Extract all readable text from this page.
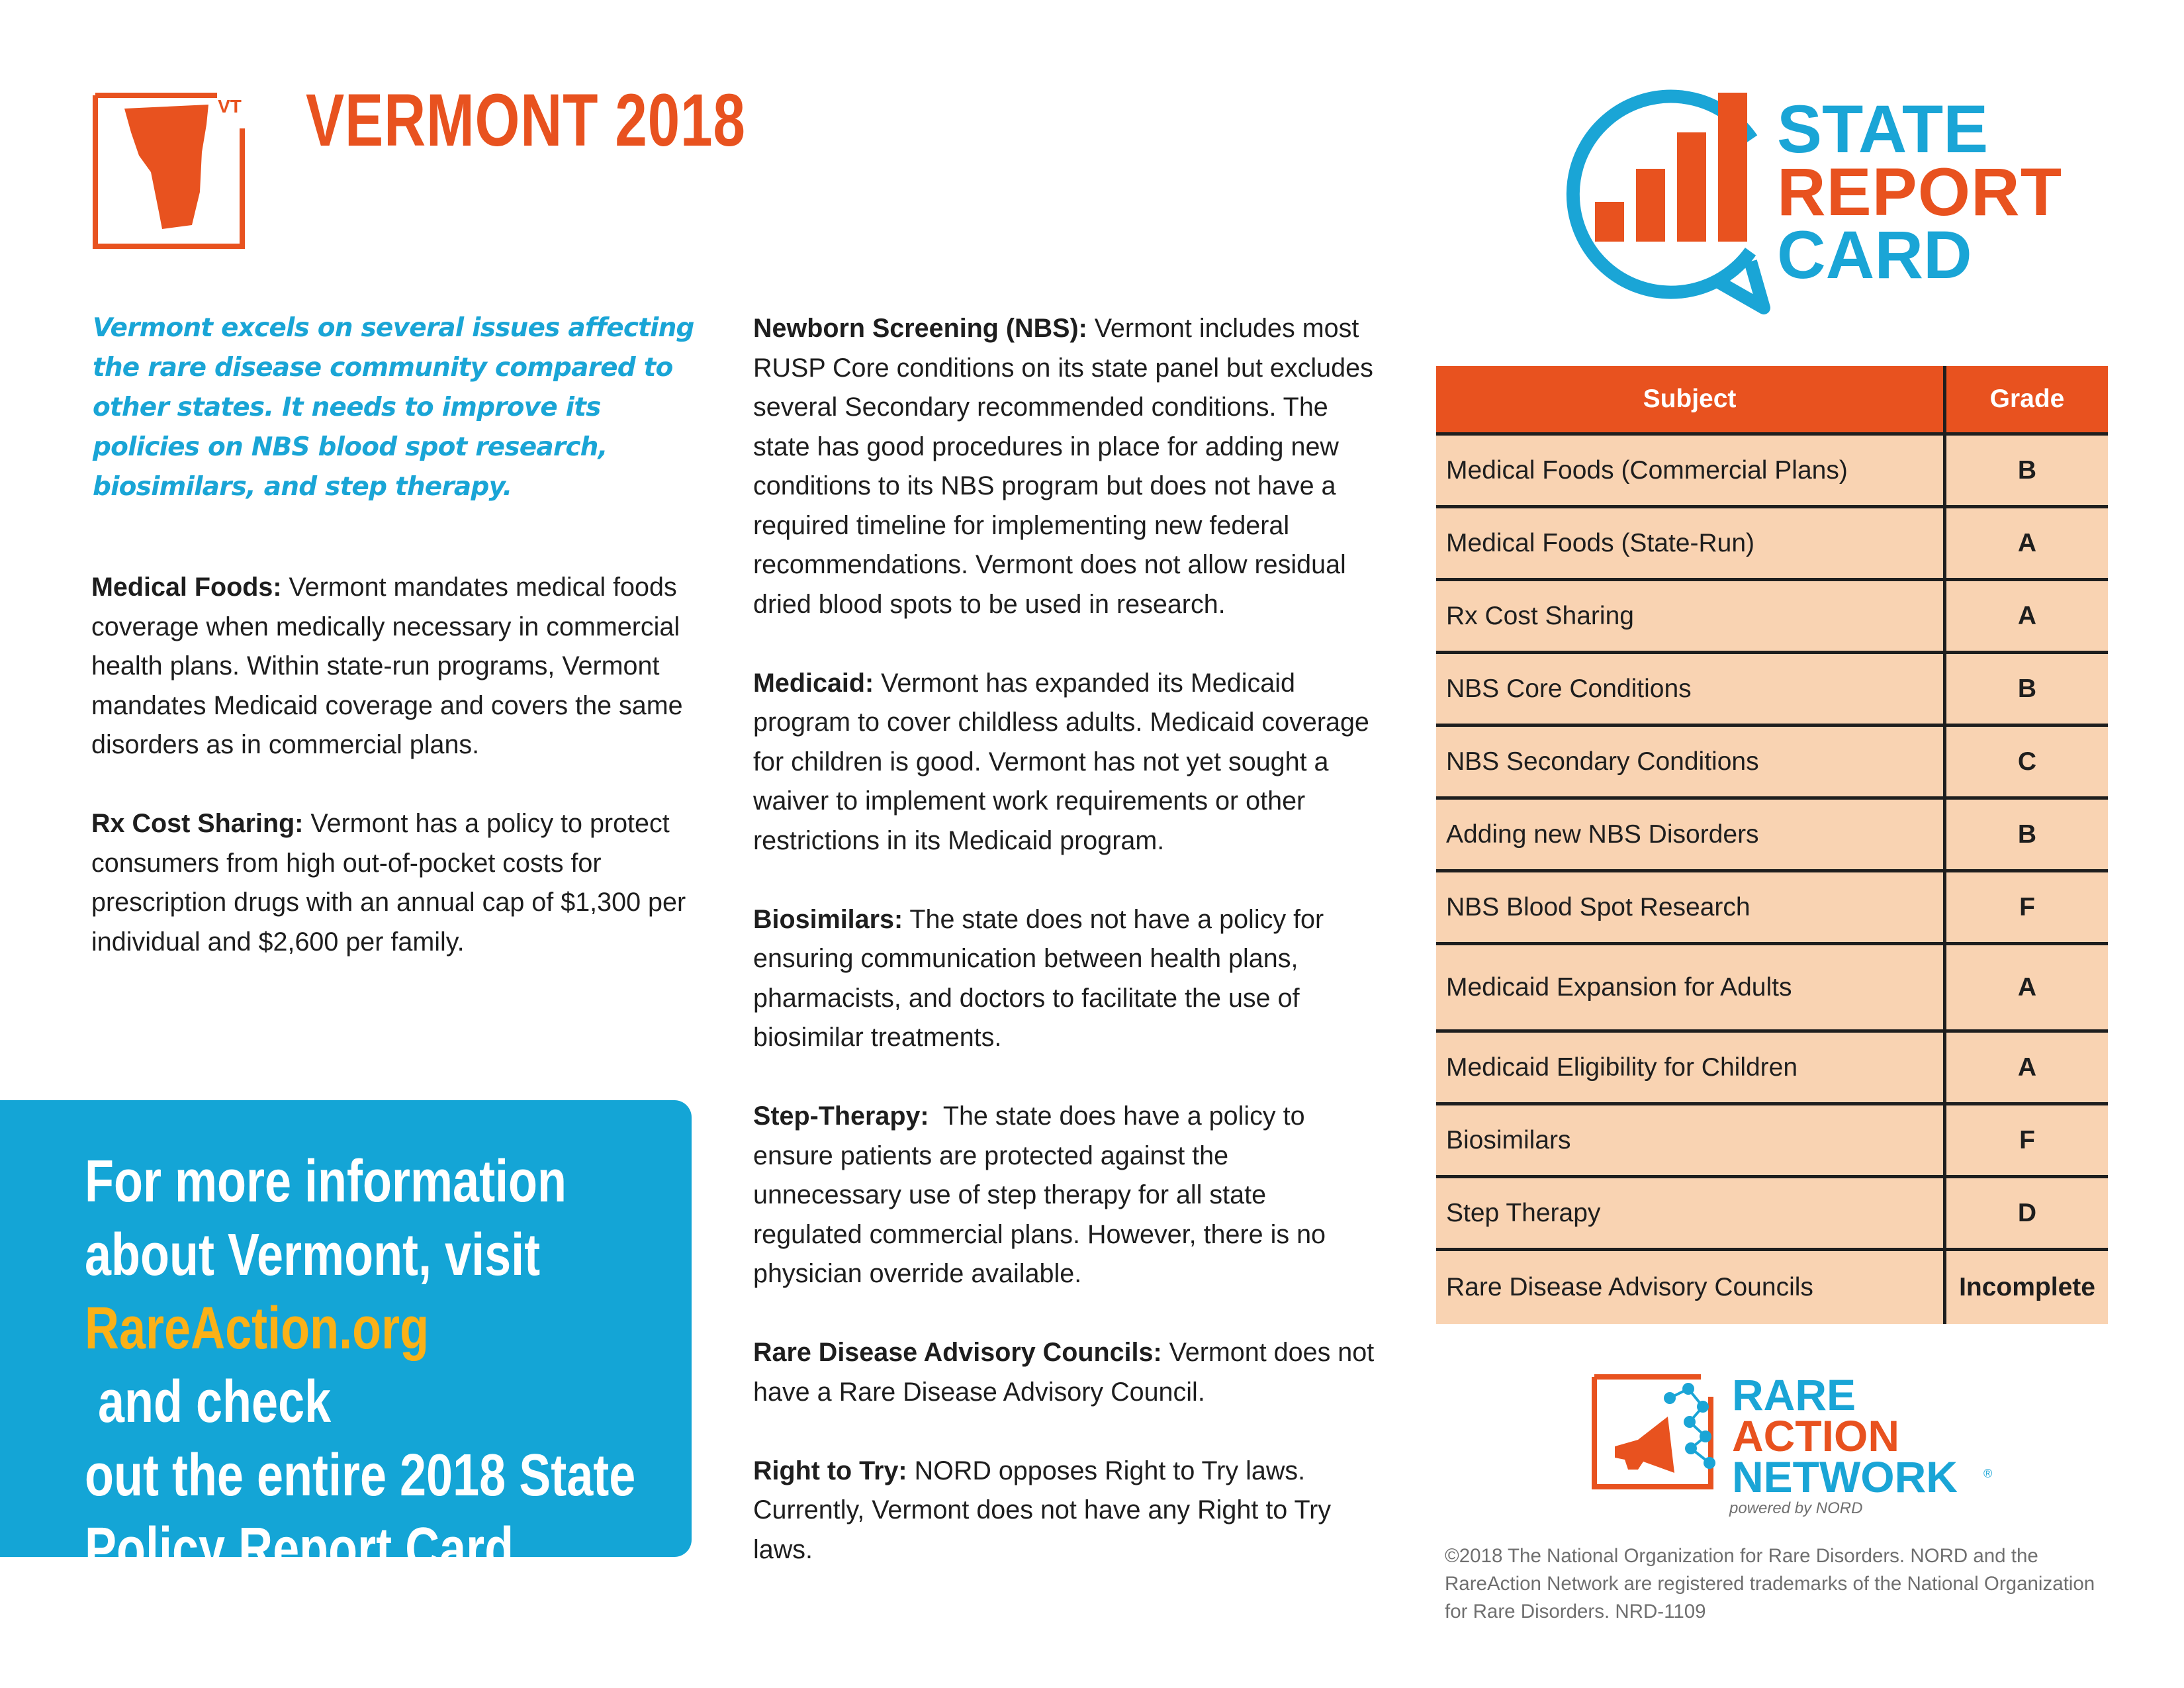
VT VERMONT 2018	STATE
REPORT
CARD

Vermont excels on several issues affecting the rare disease community compared to other states. It needs to improve its policies on NBS blood spot research, biosimilars, and step therapy.

Medical Foods: Vermont mandates medical foods coverage when medically necessary in commercial health plans. Within state-run programs, Vermont mandates Medicaid coverage and covers the same disorders as in commercial plans.

Rx Cost Sharing: Vermont has a policy to protect consumers from high out-of-pocket costs for prescription drugs with an annual cap of $1,300 per individual and $2,600 per family.

Newborn Screening (NBS): Vermont includes most RUSP Core conditions on its state panel but excludes several Secondary recommended conditions. The state has good procedures in place for adding new conditions to its NBS program but does not have a required timeline for implementing new federal recommendations. Vermont does not allow residual dried blood spots to be used in research.

Medicaid: Vermont has expanded its Medicaid program to cover childless adults. Medicaid coverage for children is good. Vermont has not yet sought a waiver to implement work requirements or other restrictions in its Medicaid program.

Biosimilars: The state does not have a policy for ensuring communication between health plans, pharmacists, and doctors to facilitate the use of biosimilar treatments.

Step-Therapy:  The state does have a policy to ensure patients are protected against the unnecessary use of step therapy for all state regulated commercial plans. However, there is no physician override available.

Rare Disease Advisory Councils: Vermont does not have a Rare Disease Advisory Council.

Right to Try: NORD opposes Right to Try laws. Currently, Vermont does not have any Right to Try laws.

For more information
about Vermont, visit
RareAction.org and check
out the entire 2018 State
Policy Report Card

Subject	Grade
Medical Foods (Commercial Plans)	B
Medical Foods (State-Run)	A
Rx Cost Sharing	A
NBS Core Conditions	B
NBS Secondary Conditions	C
Adding new NBS Disorders	B
NBS Blood Spot Research	F
Medicaid Expansion for Adults	A
Medicaid Eligibility for Children	A
Biosimilars	F
Step Therapy	D
Rare Disease Advisory Councils	Incomplete
RARE
ACTION
NETWORK ®
powered by NORD

©2018 The National Organization for Rare Disorders. NORD and the RareAction Network are registered trademarks of the National Organization for Rare Disorders. NRD-1109
